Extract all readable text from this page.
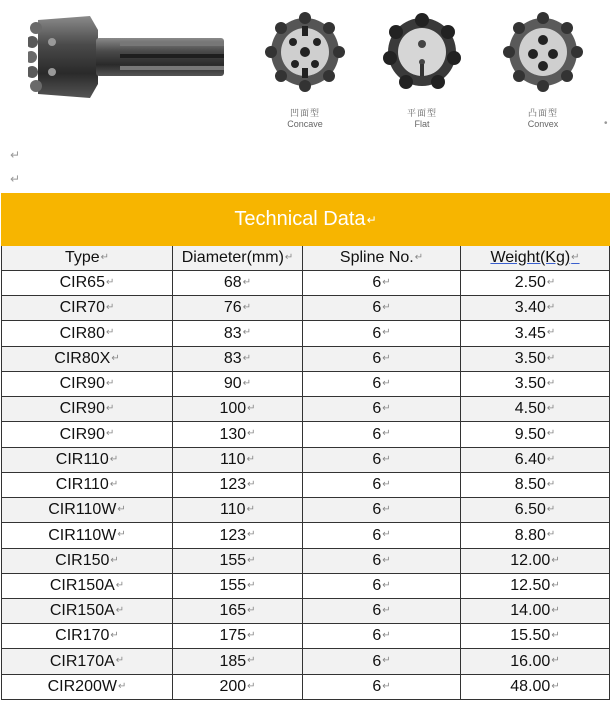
凹面型
Concave
平面型
Flat
凸面型
Convex	•
↵
↵
Technical Data ↵
Type ↵	Diameter(mm) ↵	Spline No. ↵	Weight(Kg) ↵
CIR65 ↵	68 ↵	6 ↵	2.50 ↵
CIR70 ↵	76 ↵	6 ↵	3.40 ↵
CIR80 ↵	83 ↵	6 ↵	3.45 ↵
CIR80X ↵	83 ↵	6 ↵	3.50 ↵
CIR90 ↵	90 ↵	6 ↵	3.50 ↵
CIR90 ↵	100 ↵	6 ↵	4.50 ↵
CIR90 ↵	130 ↵	6 ↵	9.50 ↵
CIR110 ↵	110 ↵	6 ↵	6.40 ↵
CIR110 ↵	123 ↵	6 ↵	8.50 ↵
CIR110W ↵	110 ↵	6 ↵	6.50 ↵
CIR110W ↵	123 ↵	6 ↵	8.80 ↵
CIR150 ↵	155 ↵	6 ↵	12.00 ↵
CIR150A ↵	155 ↵	6 ↵	12.50 ↵
CIR150A ↵	165 ↵	6 ↵	14.00 ↵
CIR170 ↵	175 ↵	6 ↵	15.50 ↵
CIR170A ↵	185 ↵	6 ↵	16.00 ↵
CIR200W ↵	200 ↵	6 ↵	48.00 ↵
